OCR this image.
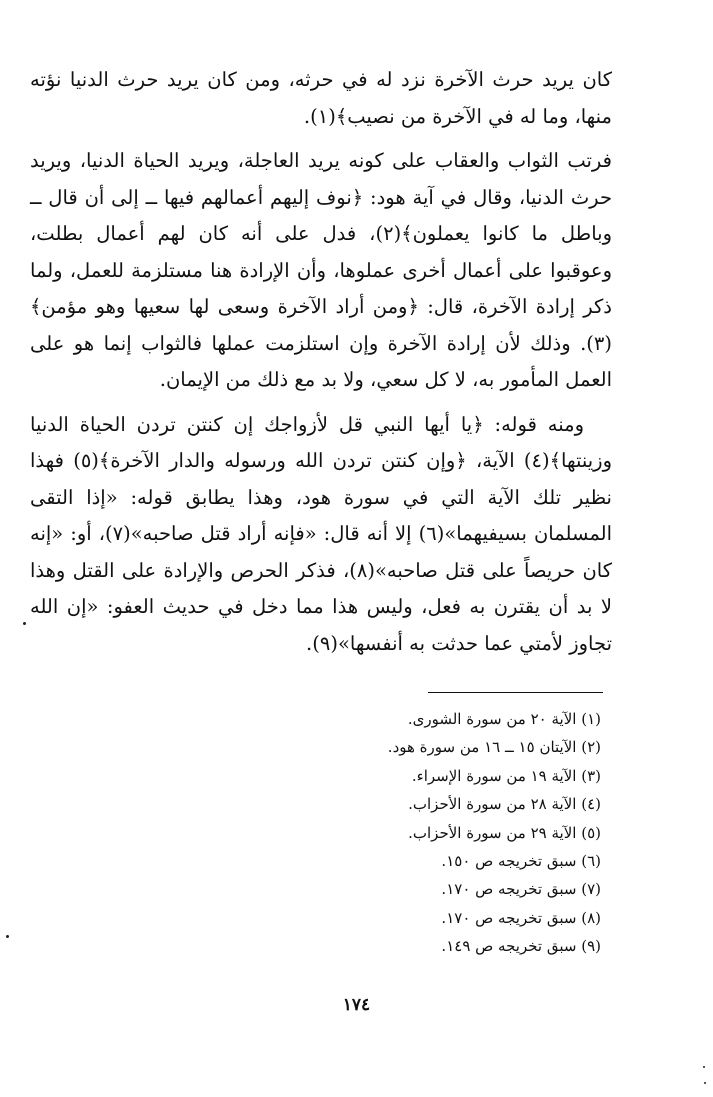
كان يريد حرث الآخرة نزد له في حرثه، ومن كان يريد حرث الدنيا نؤته منها، وما له في الآخرة من نصيب﴾(١).

فرتب الثواب والعقاب على كونه يريد العاجلة، ويريد الحياة الدنيا، ويريد حرث الدنيا، وقال في آية هود: ﴿نوف إليهم أعمالهم فيها ــ إلى أن قال ــ وباطل ما كانوا يعملون﴾(٢)، فدل على أنه كان لهم أعمال بطلت، وعوقبوا على أعمال أخرى عملوها، وأن الإرادة هنا مستلزمة للعمل، ولما ذكر إرادة الآخرة، قال: ﴿ومن أراد الآخرة وسعى لها سعيها وهو مؤمن﴾(٣). وذلك لأن إرادة الآخرة وإن استلزمت عملها فالثواب إنما هو على العمل المأمور به، لا كل سعي، ولا بد مع ذلك من الإيمان.

ومنه قوله: ﴿يا أيها النبي قل لأزواجك إن كنتن تردن الحياة الدنيا وزينتها﴾(٤) الآية، ﴿وإن كنتن تردن الله ورسوله والدار الآخرة﴾(٥) فهذا نظير تلك الآية التي في سورة هود، وهذا يطابق قوله: «إذا التقى المسلمان بسيفيهما»(٦) إلا أنه قال: «فإنه أراد قتل صاحبه»(٧)، أو: «إنه كان حريصاً على قتل صاحبه»(٨)، فذكر الحرص والإرادة على القتل وهذا لا بد أن يقترن به فعل، وليس هذا مما دخل في حديث العفو: «إن الله تجاوز لأمتي عما حدثت به أنفسها»(٩).

(١) الآية ٢٠ من سورة الشورى.
(٢) الآيتان ١٥ ــ ١٦ من سورة هود.
(٣) الآية ١٩ من سورة الإسراء.
(٤) الآية ٢٨ من سورة الأحزاب.
(٥) الآية ٢٩ من سورة الأحزاب.
(٦) سبق تخريجه ص ١٥٠.
(٧) سبق تخريجه ص ١٧٠.
(٨) سبق تخريجه ص ١٧٠.
(٩) سبق تخريجه ص ١٤٩.
١٧٤
